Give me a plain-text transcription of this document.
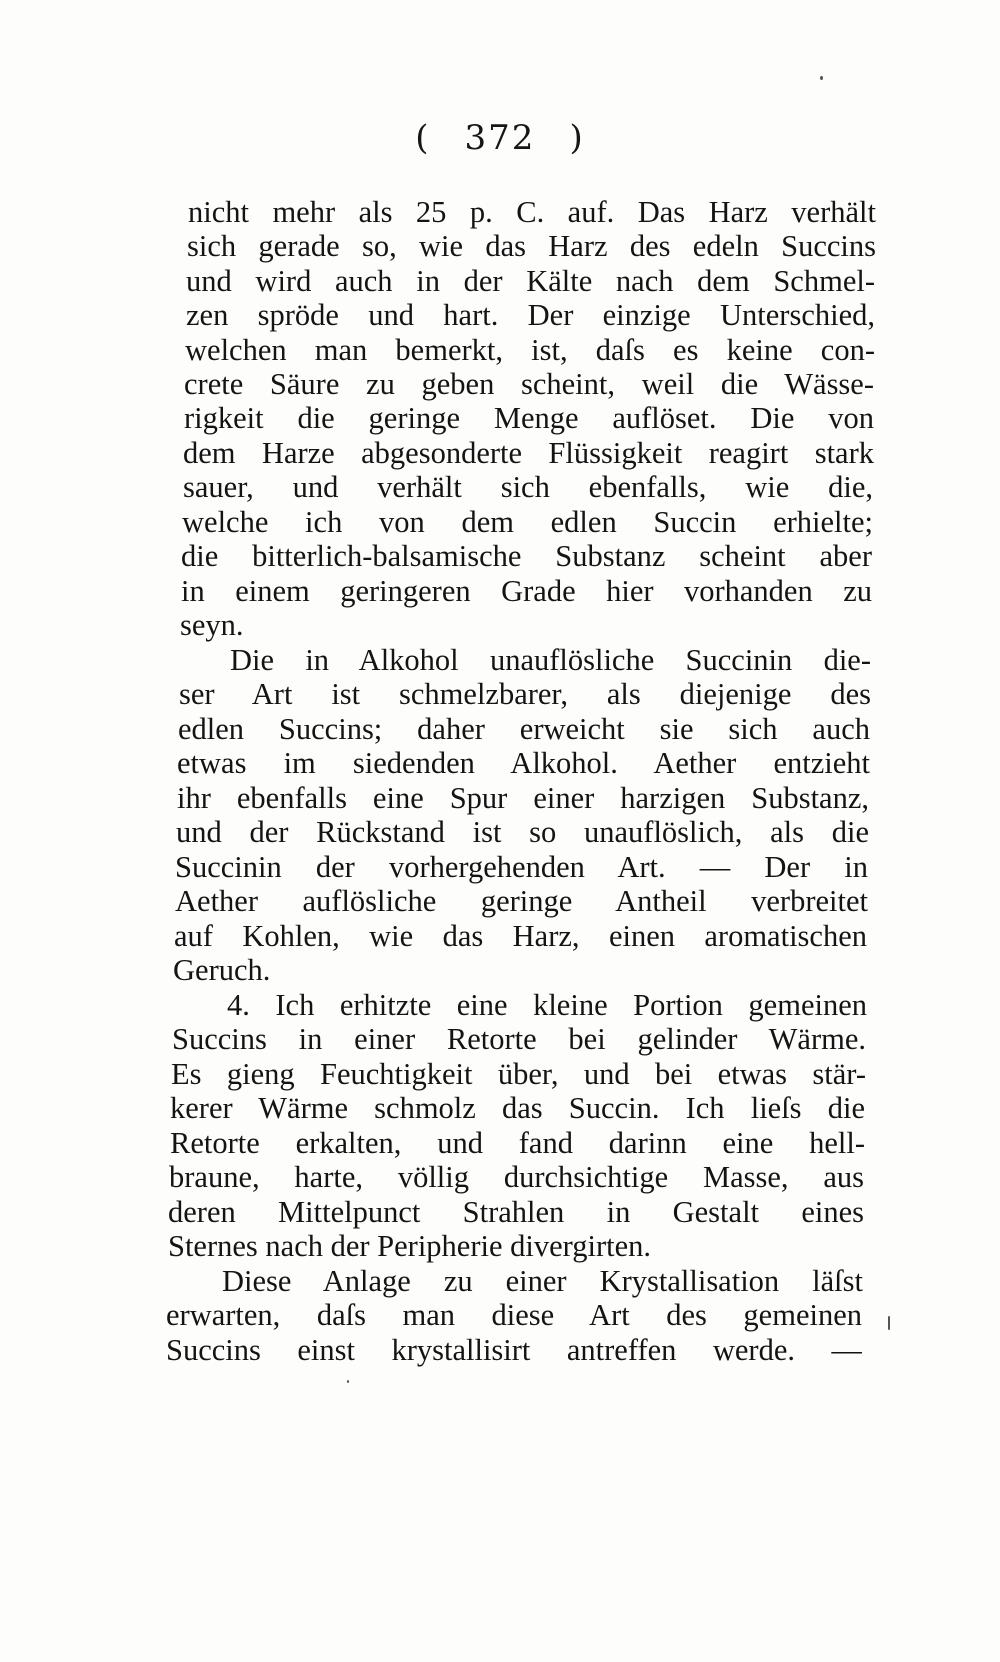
( 372 )
nicht mehr als 25 p. C. auf. Das Harz verhält
sich gerade so, wie das Harz des edeln Succins
und wird auch in der Kälte nach dem Schmel-
zen spröde und hart. Der einzige Unterschied,
welchen man bemerkt, ist, daſs es keine con-
crete Säure zu geben scheint, weil die Wässe-
rigkeit die geringe Menge auflöset. Die von
dem Harze abgesonderte Flüssigkeit reagirt stark
sauer, und verhält sich ebenfalls, wie die,
welche ich von dem edlen Succin erhielte;
die bitterlich-balsamische Substanz scheint aber
in einem geringeren Grade hier vorhanden zu
seyn.
Die in Alkohol unauflösliche Succinin die-
ser Art ist schmelzbarer, als diejenige des
edlen Succins; daher erweicht sie sich auch
etwas im siedenden Alkohol. Aether entzieht
ihr ebenfalls eine Spur einer harzigen Substanz,
und der Rückstand ist so unauflöslich, als die
Succinin der vorhergehenden Art. — Der in
Aether auflösliche geringe Antheil verbreitet
auf Kohlen, wie das Harz, einen aromatischen
Geruch.
4. Ich erhitzte eine kleine Portion gemeinen
Succins in einer Retorte bei gelinder Wärme.
Es gieng Feuchtigkeit über, und bei etwas stär-
kerer Wärme schmolz das Succin. Ich lieſs die
Retorte erkalten, und fand darinn eine hell-
braune, harte, völlig durchsichtige Masse, aus
deren Mittelpunct Strahlen in Gestalt eines
Sternes nach der Peripherie divergirten.
Diese Anlage zu einer Krystallisation läſst
erwarten, daſs man diese Art des gemeinen
Succins einst krystallisirt antreffen werde. —
